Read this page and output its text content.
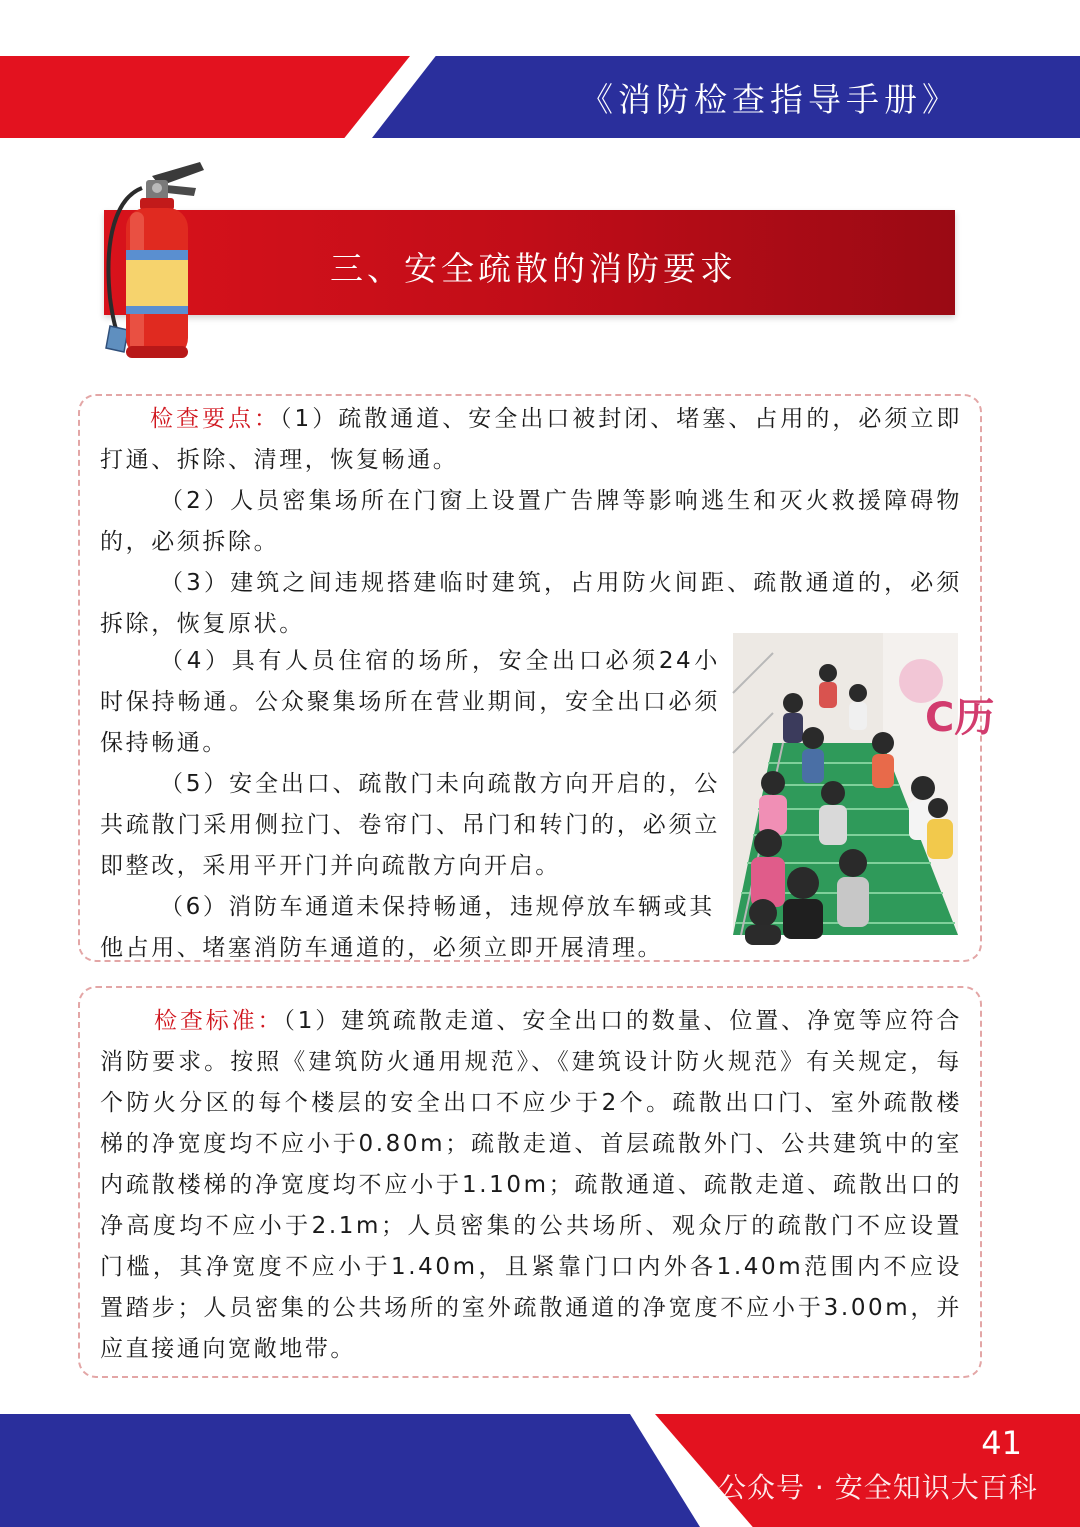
《消防检查指导手册》
三、安全疏散的消防要求

检查要点：（1）疏散通道、安全出口被封闭、堵塞、占用的，必须立即打通、拆除、清理，恢复畅通。

（2）人员密集场所在门窗上设置广告牌等影响逃生和灭火救援障碍物的，必须拆除。

（3）建筑之间违规搭建临时建筑，占用防火间距、疏散通道的，必须拆除，恢复原状。

（4）具有人员住宿的场所，安全出口必须24小时保持畅通。公众聚集场所在营业期间，安全出口必须保持畅通。

（5）安全出口、疏散门未向疏散方向开启的，公共疏散门采用侧拉门、卷帘门、吊门和转门的，必须立即整改，采用平开门并向疏散方向开启。

（6）消防车通道未保持畅通，违规停放车辆或其

他占用、堵塞消防车通道的，必须立即开展清理。

C历

检查标准：（1）建筑疏散走道、安全出口的数量、位置、净宽等应符合消防要求。按照《建筑防火通用规范》、《建筑设计防火规范》有关规定，每个防火分区的每个楼层的安全出口不应少于2个。疏散出口门、室外疏散楼梯的净宽度均不应小于0.80m；疏散走道、首层疏散外门、公共建筑中的室内疏散楼梯的净宽度均不应小于1.10m；疏散通道、疏散走道、疏散出口的净高度均不应小于2.1m；人员密集的公共场所、观众厅的疏散门不应设置门槛，其净宽度不应小于1.40m，且紧靠门口内外各1.40m范围内不应设置踏步；人员密集的公共场所的室外疏散通道的净宽度不应小于3.00m，并应直接通向宽敞地带。

41
公众号 · 安全知识大百科
